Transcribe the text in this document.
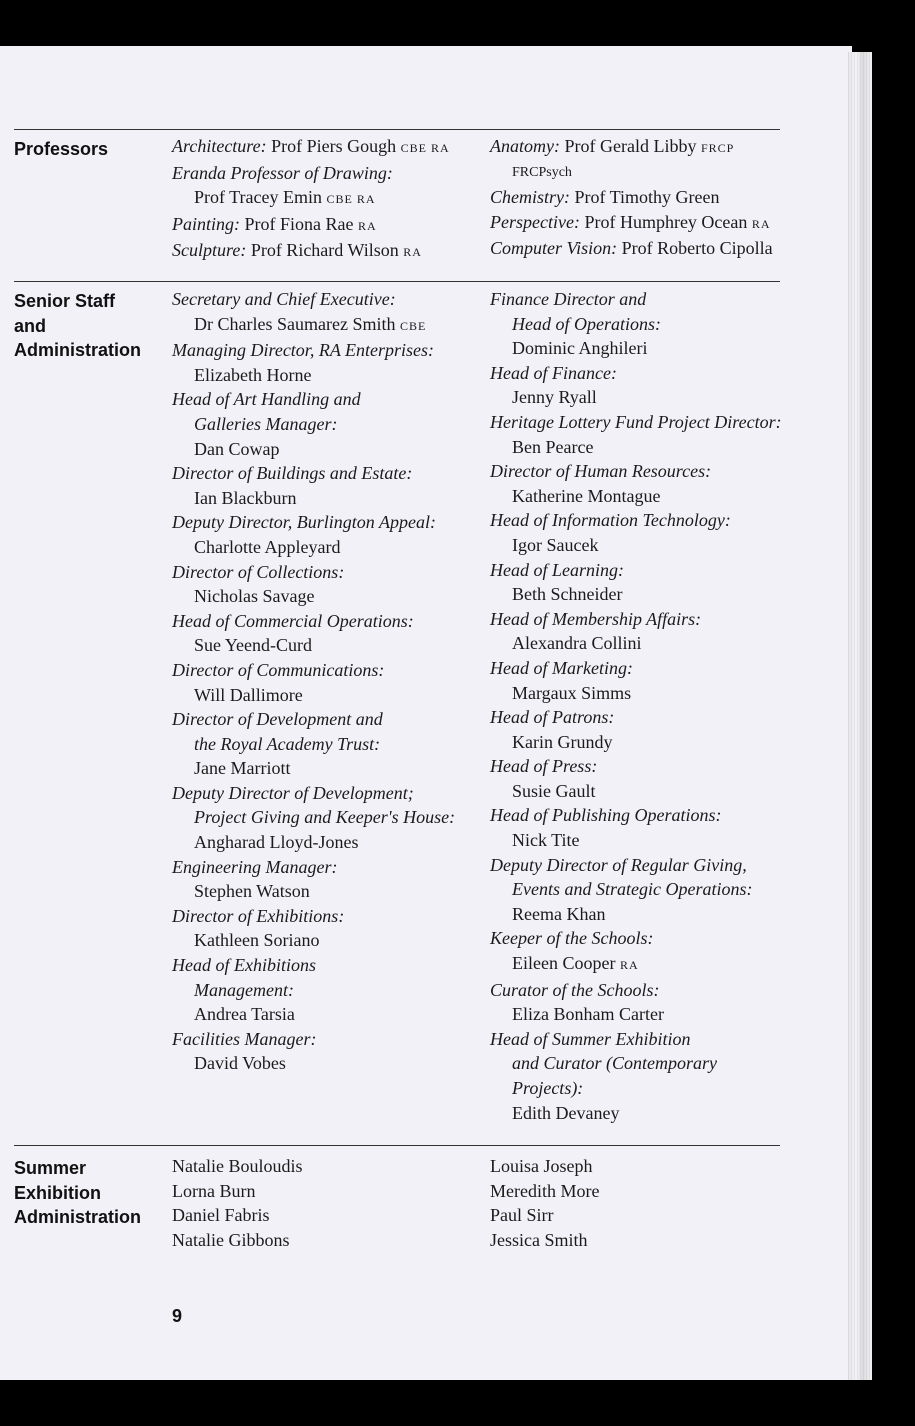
Professors	Architecture: Prof Piers Gough CBE RA
Eranda Professor of Drawing:
Prof Tracey Emin CBE RA
Painting: Prof Fiona Rae RA
Sculpture: Prof Richard Wilson RA
Anatomy: Prof Gerald Libby FRCP
FRCPsych
Chemistry: Prof Timothy Green
Perspective: Prof Humphrey Ocean RA
Computer Vision: Prof Roberto Cipolla
Senior Staff
and
Administration
Secretary and Chief Executive:
Dr Charles Saumarez Smith CBE
Managing Director, RA Enterprises:
Elizabeth Horne
Head of Art Handling and
Galleries Manager:
Dan Cowap
Director of Buildings and Estate:
Ian Blackburn
Deputy Director, Burlington Appeal:
Charlotte Appleyard
Director of Collections:
Nicholas Savage
Head of Commercial Operations:
Sue Yeend-Curd
Director of Communications:
Will Dallimore
Director of Development and
the Royal Academy Trust:
Jane Marriott
Deputy Director of Development;
Project Giving and Keeper's House:
Angharad Lloyd-Jones
Engineering Manager:
Stephen Watson
Director of Exhibitions:
Kathleen Soriano
Head of Exhibitions
Management:
Andrea Tarsia
Facilities Manager:
David Vobes
Finance Director and
Head of Operations:
Dominic Anghileri
Head of Finance:
Jenny Ryall
Heritage Lottery Fund Project Director:
Ben Pearce
Director of Human Resources:
Katherine Montague
Head of Information Technology:
Igor Saucek
Head of Learning:
Beth Schneider
Head of Membership Affairs:
Alexandra Collini
Head of Marketing:
Margaux Simms
Head of Patrons:
Karin Grundy
Head of Press:
Susie Gault
Head of Publishing Operations:
Nick Tite
Deputy Director of Regular Giving,
Events and Strategic Operations:
Reema Khan
Keeper of the Schools:
Eileen Cooper RA
Curator of the Schools:
Eliza Bonham Carter
Head of Summer Exhibition
and Curator (Contemporary
Projects):
Edith Devaney
Summer
Exhibition
Administration
Natalie Bouloudis
Lorna Burn
Daniel Fabris
Natalie Gibbons
Louisa Joseph
Meredith More
Paul Sirr
Jessica Smith
9
